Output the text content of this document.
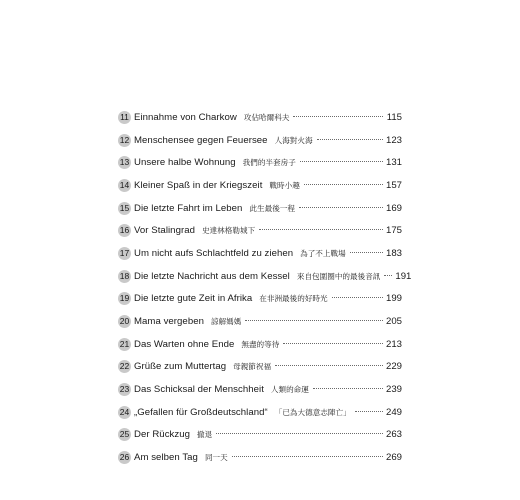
11 Einnahme von Charkow 攻佔哈爾科夫	115
12 Menschensee gegen Feuersee 人海對火海	123
13 Unsere halbe Wohnung 我們的半套房子	131
14 Kleiner Spaß in der Kriegszeit 戰時小趣	157
15 Die letzte Fahrt im Leben 此生最後一程	169
16 Vor Stalingrad 史達林格勒城下	175
17 Um nicht aufs Schlachtfeld zu ziehen 為了不上戰場	183
18 Die letzte Nachricht aus dem Kessel 來自包圍圈中的最後音訊 191
19 Die letzte gute Zeit in Afrika 在非洲最後的好時光	199
20 Mama vergeben 諒解媽媽	205
21 Das Warten ohne Ende 無盡的等待	213
22 Grüße zum Muttertag 母親節祝福	229
23 Das Schicksal der Menschheit 人類的命運	239
24 „Gefallen für Großdeutschland“ 「已為大德意志陣亡」	249
25 Der Rückzug 撤退	263
26 Am selben Tag 同一天	269
